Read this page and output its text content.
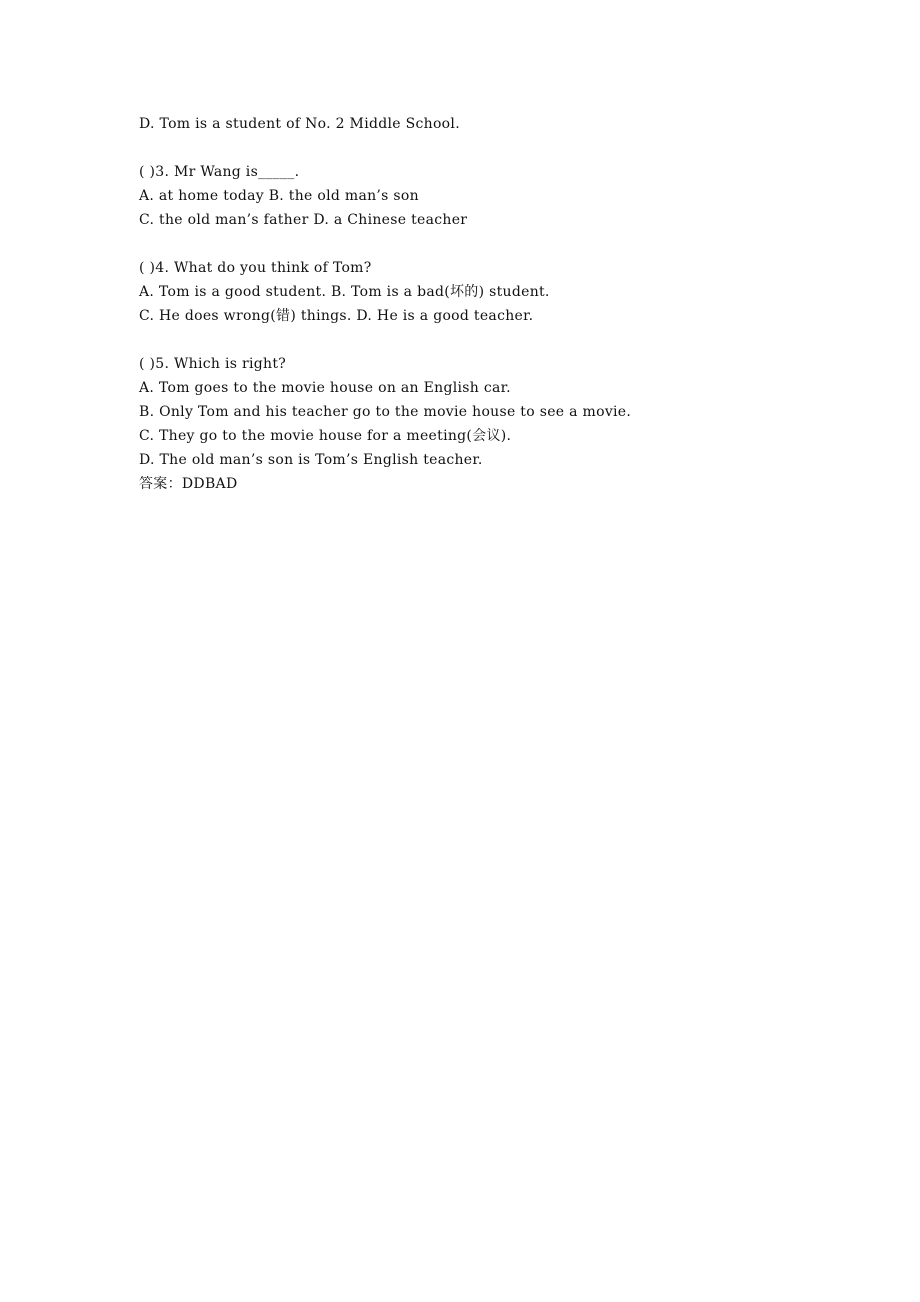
D. Tom is a student of No. 2 Middle School.
( )3. Mr Wang is_____.
A. at home today B. the old man’s son
C. the old man’s father D. a Chinese teacher
( )4. What do you think of Tom?
A. Tom is a good student. B. Tom is a bad(坏的) student.
C. He does wrong(错) things. D. He is a good teacher.
( )5. Which is right?
A. Tom goes to the movie house on an English car.
B. Only Tom and his teacher go to the movie house to see a movie.
C. They go to the movie house for a meeting(会议).
D. The old man’s son is Tom’s English teacher.
答案：DDBAD
